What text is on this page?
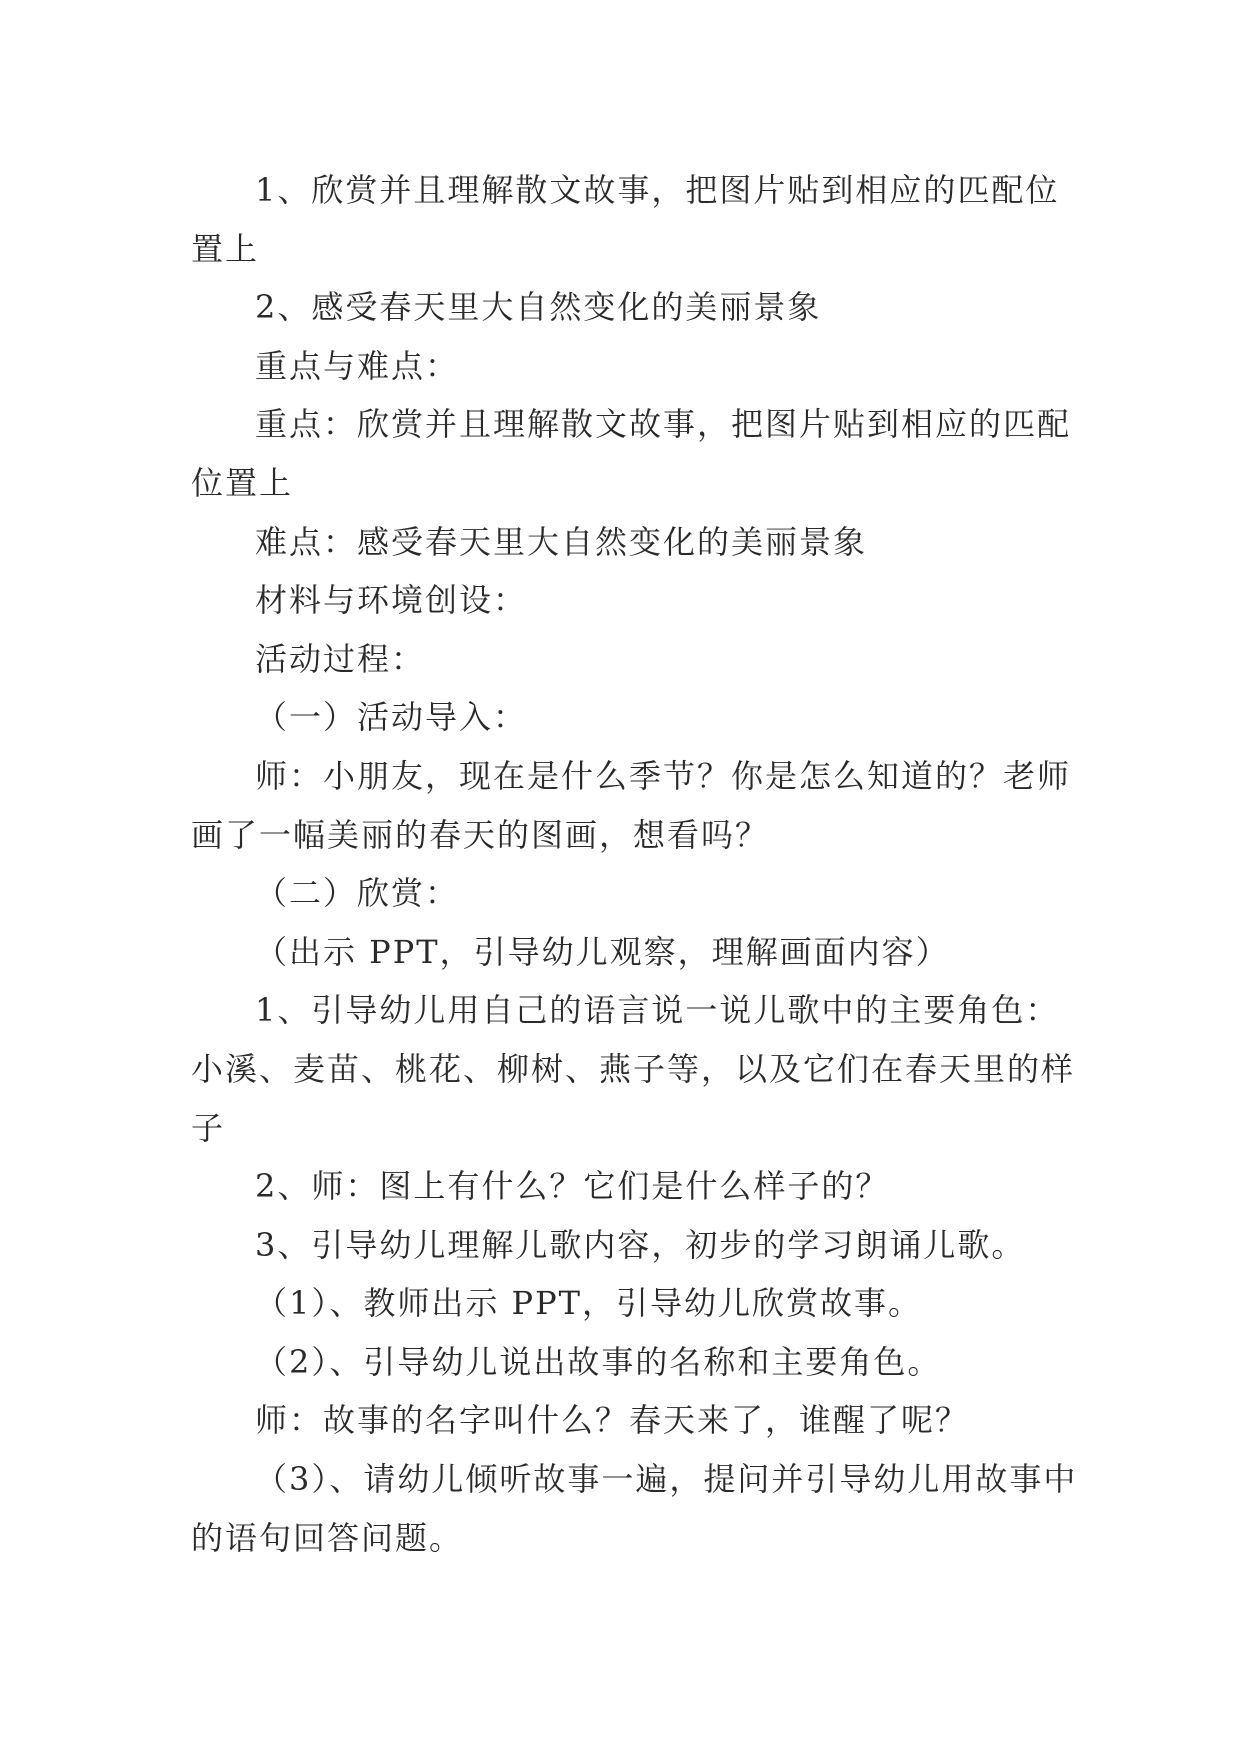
1、欣赏并且理解散文故事，把图片贴到相应的匹配位
置上
2、感受春天里大自然变化的美丽景象
重点与难点：
重点：欣赏并且理解散文故事，把图片贴到相应的匹配
位置上
难点：感受春天里大自然变化的美丽景象
材料与环境创设：
活动过程：
（一）活动导入：
师：小朋友，现在是什么季节？你是怎么知道的？老师
画了一幅美丽的春天的图画，想看吗？
（二）欣赏：
（出示 PPT，引导幼儿观察，理解画面内容）
1、引导幼儿用自己的语言说一说儿歌中的主要角色：
小溪、麦苗、桃花、柳树、燕子等，以及它们在春天里的样
子
2、师：图上有什么？它们是什么样子的？
3、引导幼儿理解儿歌内容，初步的学习朗诵儿歌。
（1）、教师出示 PPT，引导幼儿欣赏故事。
（2）、引导幼儿说出故事的名称和主要角色。
师：故事的名字叫什么？春天来了，谁醒了呢？
（3）、请幼儿倾听故事一遍，提问并引导幼儿用故事中
的语句回答问题。
